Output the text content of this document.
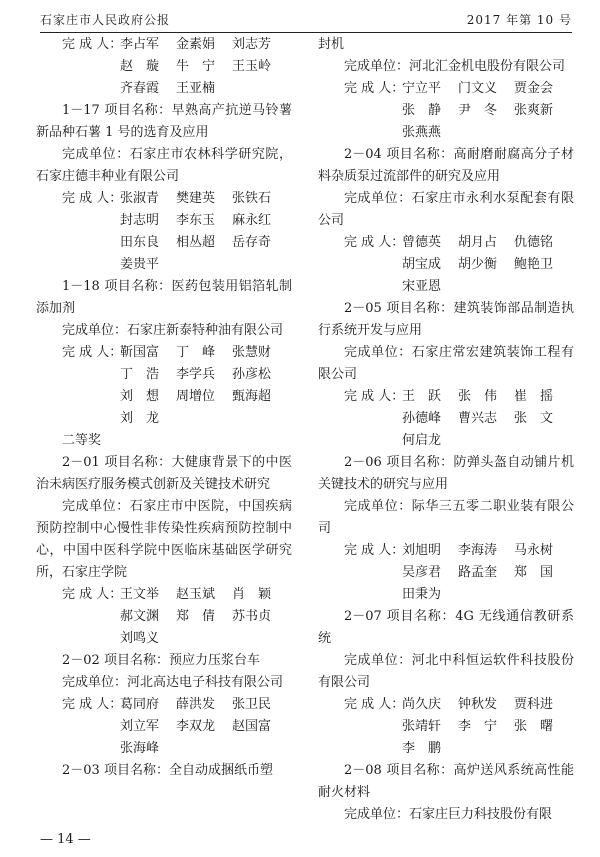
石家庄市人民政府公报	2017 年第 10 号
完 成 人：
李占军	金素娟	刘志芳
赵　璇	牛　宁	王玉岭
齐春霞	王亚楠

1－17 项目名称：早熟高产抗逆马铃薯新品种石薯 1 号的选育及应用

完成单位：石家庄市农林科学研究院，石家庄德丰种业有限公司

完 成 人：
张淑青	樊建英	张铁石
封志明	李东玉	麻永红
田东良	相丛超	岳存奇
姜贵平

1－18 项目名称：医药包装用铝箔轧制添加剂

完成单位：石家庄新泰特种油有限公司

完 成 人：
靳国富	丁　峰	张慧财
丁　浩	李学兵	孙彦松
刘　想	周增位	甄海超
刘　龙

二等奖

2－01 项目名称：大健康背景下的中医治未病医疗服务模式创新及关键技术研究

完成单位：石家庄市中医院，中国疾病预防控制中心慢性非传染性疾病预防控制中心，中国中医科学院中医临床基础医学研究所，石家庄学院

完 成 人：
王文举	赵玉斌	肖　颖
郝文渊	郑　倩	苏书贞
刘鸣义

2－02 项目名称：预应力压浆台车

完成单位：河北高达电子科技有限公司

完 成 人：
葛同府	薛洪发	张卫民
刘立军	李双龙	赵国富
张海峰

2－03 项目名称：全自动成捆纸币塑

封机

完成单位：河北汇金机电股份有限公司

完 成 人：
宁立平	门文义	贾金会
张　静	尹　冬	张爽新
张燕燕

2－04 项目名称：高耐磨耐腐高分子材料杂质泵过流部件的研究及应用

完成单位：石家庄市永利水泵配套有限公司

完 成 人：
曾德英	胡月占	仇德铭
胡宝成	胡少衡	鲍艳卫
宋亚恩

2－05 项目名称：建筑装饰部品制造执行系统开发与应用

完成单位：石家庄常宏建筑装饰工程有限公司

完 成 人：
王　跃	张　伟	崔　摇
孙德峰	曹兴志	张　文
何启龙

2－06 项目名称：防弹头盔自动铺片机关键技术的研究与应用

完成单位：际华三五零二职业装有限公司

完 成 人：
刘旭明	李海涛	马永树
吴彦君	路孟奎	郑　国
田秉为

2－07 项目名称：4G 无线通信教研系统

完成单位：河北中科恒运软件科技股份有限公司

完 成 人：
尚久庆	钟秋发	贾科进
张靖轩	李　宁	张　曙
李　鹏

2－08 项目名称：高炉送风系统高性能耐火材料

完成单位：石家庄巨力科技股份有限

— 14 —
